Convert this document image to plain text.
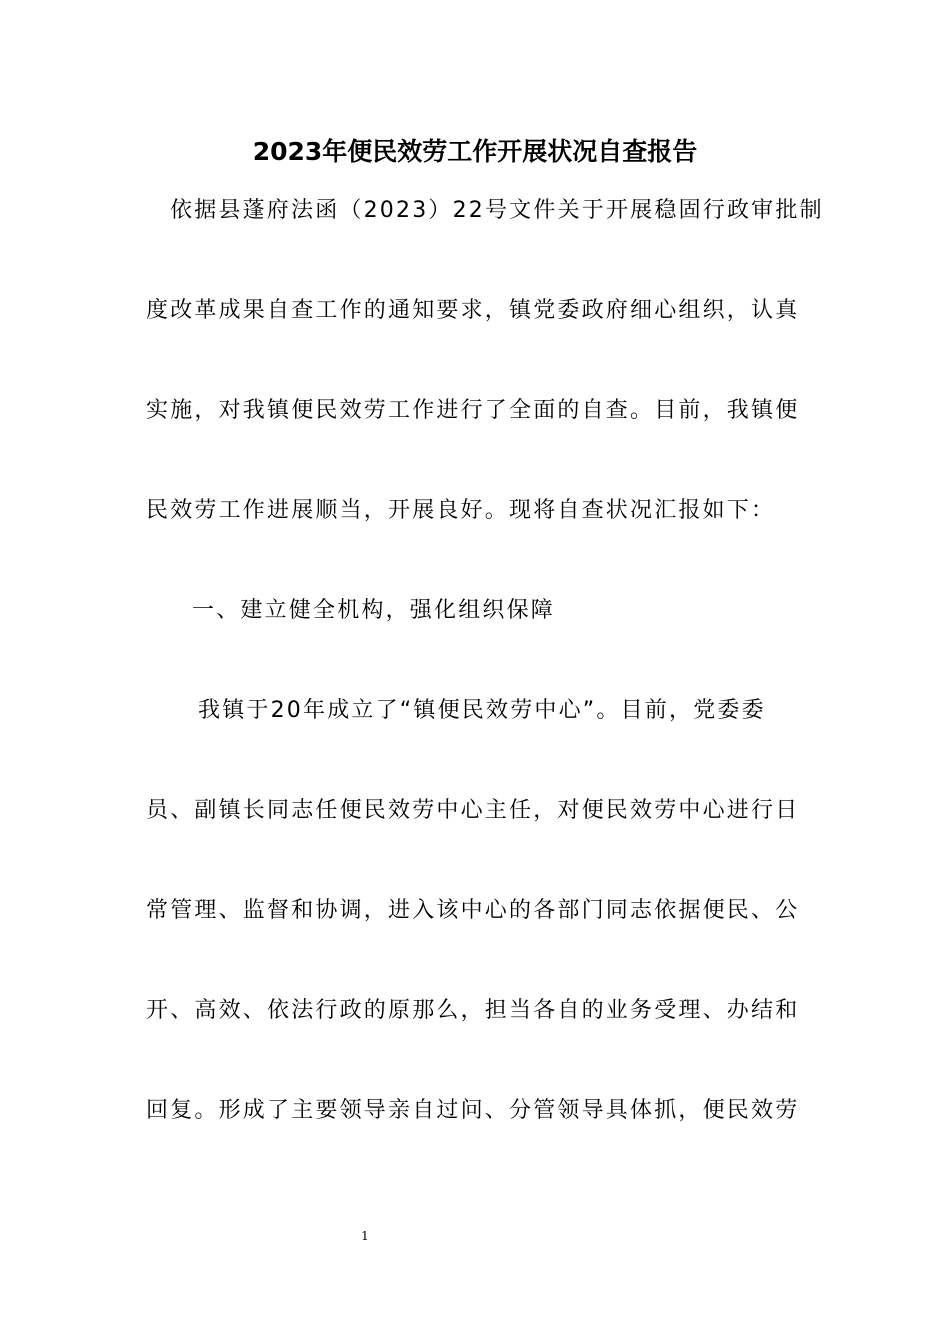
2023年便民效劳工作开展状况自查报告
依据县蓬府法函（2023）22号文件关于开展稳固行政审批制
度改革成果自查工作的通知要求，镇党委政府细心组织，认真
实施，对我镇便民效劳工作进行了全面的自查。目前，我镇便
民效劳工作进展顺当，开展良好。现将自查状况汇报如下：
一、建立健全机构，强化组织保障
我镇于20年成立了“镇便民效劳中心”。目前，党委委
员、副镇长同志任便民效劳中心主任，对便民效劳中心进行日
常管理、监督和协调，进入该中心的各部门同志依据便民、公
开、高效、依法行政的原那么，担当各自的业务受理、办结和
回复。形成了主要领导亲自过问、分管领导具体抓，便民效劳
1
